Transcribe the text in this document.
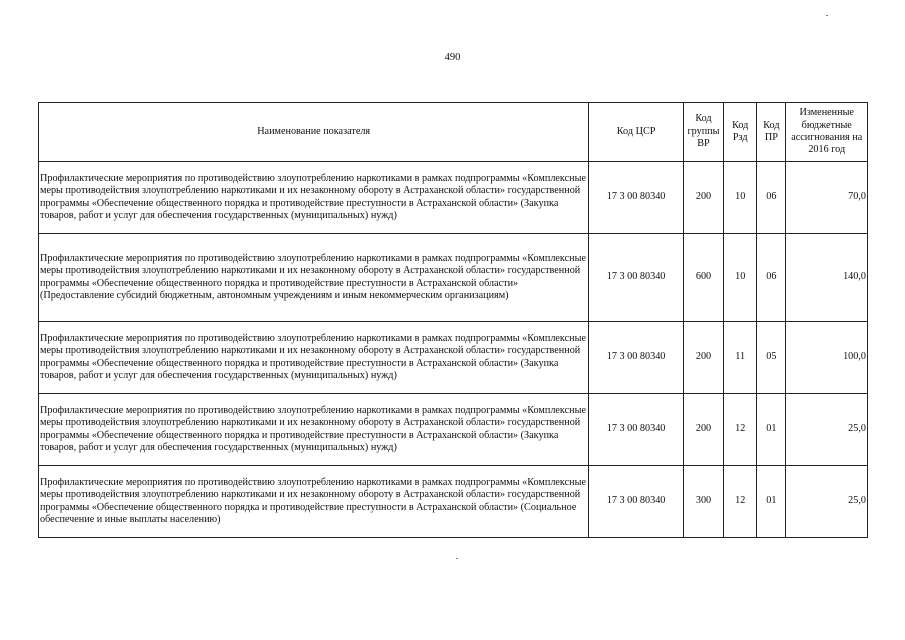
490
Наименование показателя	Код ЦСР	Код группы ВР	Код Рзд	Код ПР	Измененные бюджетные ассигнования на 2016 год
Профилактические мероприятия по противодействию злоупотреблению наркотиками в рамках подпрограммы «Комплексные меры противодействия злоупотреблению наркотиками и их незаконному обороту в Астраханской области» государственной программы «Обеспечение общественного порядка и противодействие преступности в Астраханской области» (Закупка товаров, работ и услуг для обеспечения государственных (муниципальных) нужд)	17 3 00 80340	200	10	06	70,0
Профилактические мероприятия по противодействию злоупотреблению наркотиками в рамках подпрограммы «Комплексные меры противодействия злоупотреблению наркотиками и их незаконному обороту в Астраханской области» государственной программы «Обеспечение общественного порядка и противодействие преступности в Астраханской области» (Предоставление субсидий бюджетным, автономным учреждениям и иным некоммерческим организациям)	17 3 00 80340	600	10	06	140,0
Профилактические мероприятия по противодействию злоупотреблению наркотиками в рамках подпрограммы «Комплексные меры противодействия злоупотреблению наркотиками и их незаконному обороту в Астраханской области» государственной программы «Обеспечение общественного порядка и противодействие преступности в Астраханской области» (Закупка товаров, работ и услуг для обеспечения государственных (муниципальных) нужд)	17 3 00 80340	200	11	05	100,0
Профилактические мероприятия по противодействию злоупотреблению наркотиками в рамках подпрограммы «Комплексные меры противодействия злоупотреблению наркотиками и их незаконному обороту в Астраханской области» государственной программы «Обеспечение общественного порядка и противодействие преступности в Астраханской области» (Закупка товаров, работ и услуг для обеспечения государственных (муниципальных) нужд)	17 3 00 80340	200	12	01	25,0
Профилактические мероприятия по противодействию злоупотреблению наркотиками в рамках подпрограммы «Комплексные меры противодействия злоупотреблению наркотиками и их незаконному обороту в Астраханской области» государственной программы «Обеспечение общественного порядка и противодействие преступности в Астраханской области» (Социальное обеспечение и иные выплаты населению)	17 3 00 80340	300	12	01	25,0
